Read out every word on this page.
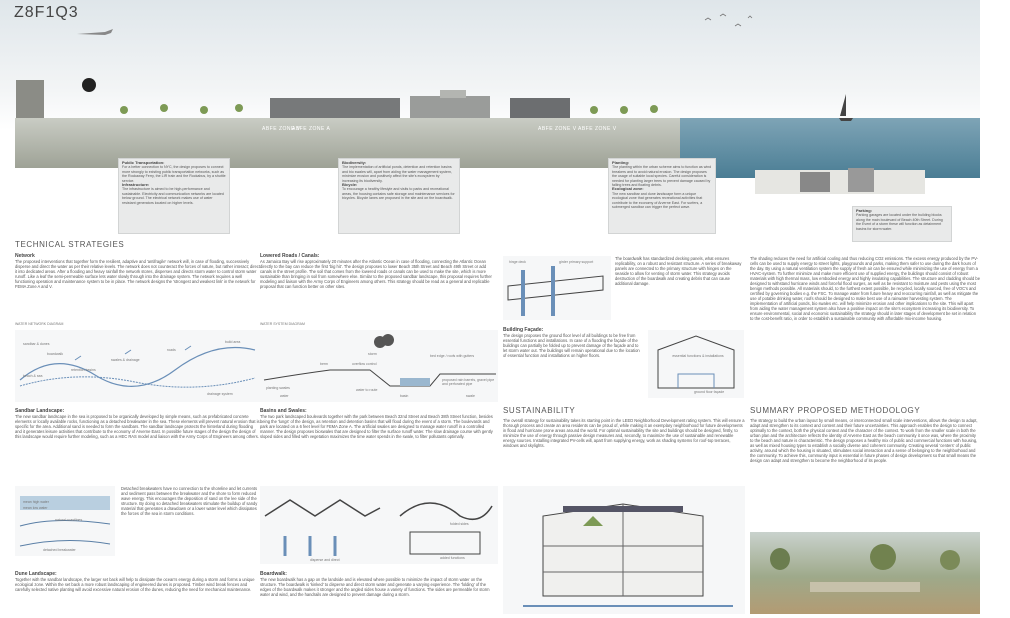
Z8F1Q3
ABFE ZONE V
ABFE ZONE A	ABFE ZONE V ABFE ZONE V
Public Transportation:
For a better connection to NYC, the design proposes to connect more strongly to existing public transportation networks, such as the Rockaway Ferry, the LIR train and the Rockabus, by a shuttle service.
Infrastructure:
The infrastructure is aimed to be high-performance and sustainable. Electricity and communication networks are located below ground. The electrical network makes use of water resistant generators located on higher levels.
Biodiversity:
The implementation of artificial ponds, detention and retention basins and bio swales will, apart from aiding the water management system, minimize erosion and positively affect the site's ecosystem by increasing its biodiversity.
Bicycle:
To encourage a healthy lifestyle and visits to parks and recreational areas, the housing contains safe storage and maintenance services for bicycles. Bicycle lanes are proposed in the site and on the boardwalk.
Planting:
The planting within the urban scheme aims to function as wind breakers and to avoid natural erosion. The design proposes the usage of suitable local species. Careful consideration is needed for planting larger trees to prevent damage caused by falling trees and floating debris.
Ecological zone:
The new sandbar and dune landscape form a unique ecological zone that generates recreational activities that contribute to the economy of Arverne East. For surfers, a submerged sandbar can trigger the perfect wave.
Parking:
Parking garages are located under the building blocks along the main boulevard of Beach 40th Street. During the Event of a storm these will function as detainment basins for storm water.
TECHNICAL STRATEGIES
Network
The proposed interventions that together form the resilient, adaptive and 'antifragile' network will, in case of flooding, successively disperse and direct the water as per their relative levels. The network does not counteract the forces of nature, but rather interact; direct it into dedicated areas. After a flooding and heavy rainfall the network stores, disperses and directs storm water to control storm water runoff. Like a leaf the semi-permeable surface lets water slowly through into the drainage system. The network requires a well functioning operation and maintenance system to be in place. The network designs the 'strongest and weakest link' in the network for FEMA Zone A and V.
WATER NETWORK DIAGRAM
sandbar & dunes
boardwalk
swales & drainage
roads
build area
retention basins
beach & sea
drainage system
Sandbar Landscape:
The new sandbar landscape in the sea is proposed to be organically developed by simple means, such as prefabricated concrete elements or locally available rocks, functioning as a detached breakwater in the sea. These elements will prevent natural erosion that is specific for the area. Additional sand is needed to form the sandbars. The sandbar landscape protects the hinterland during flooding and it generates leisure activities that contribute to the economy of Arverne East. In possible future stages of the design the design of this landscape would require further modeling, such as a HEC RAS model and liaison with the Army Corps of Engineers among others.
natural coastlines
detached breakwater
mean high water
mean low water
Detached breakwaters have no connection to the shoreline and let currents and sediment pass between the breakwater and the shore to form reduced wave energy. This encourages the deposition of sand on the lee side of the structure. By doing so detached breakwaters stimulate the buildup of sandy material that generates a drawdown or a lower water level which dissipates the forces of the sea in storm conditions.
Dune Landscape:
Together with the sandbar landscape, the larger set back will help to dissipate the ocean's energy during a storm and forms a unique ecological zone. Within the set back a more robust landscaping of engineered dunes is proposed. Timber wind break fences and carefully selected native planting will avoid excessive natural erosion of the dunes, reducing the need for mechanical maintenance.
Lowered Roads / Canals:
As Jamaica Bay will rise approximately 20 minutes after the Atlantic Ocean in case of flooding, connecting the Atlantic Ocean directly to the bay can reduce the first 'big hit'. The design proposes to lower Beach 35th Street and Beach 49th Street or add canals in the street profile. The soil that comes from the lowered roads or canals can be used to make the site, which is more sustainable than bringing in soil from somewhere else. Similar to the proposed sandbar landscape, this proposal requires further modeling and liaison with the Army Corps of Engineers among others. This strategy should be read as a general and replicable proposal that can function better on other sites.
WATER SYSTEM DIAGRAM
bed edge / roofs with gutters
overflow control
storm
planting swales	water to route
basin
proposed rain barrels, gravel pipe and perforated pipe
swale
water
berm
Basins and Swales:
The two park landscaped boulevards together with the park between Beach 32nd Street and Beach 38th Street function, besides being the 'lungs' of the design, as retention and detention basins that will flood during the event of a storm. The boulevards and park are located on a 6 feet level for FEMA Zone A. The artificial swales are designed to manage water runoff in a controlled manner. The design proposes bioswales that are designed to filter the surface runoff water. The slow drainage course with gently sloped sides and filled with vegetation maximizes the time water spends in the swale, to filter pollutants optimally.
disperse and direct
folded sides
added functions
Boardwalk:
The new boardwalk has a gap on the landside and is elevated where possible to minimize the impact of storm water on the structure. The boardwalk is 'kinked' to disperse and direct storm water and generate a varying experience. The 'folding' of the edges of the boardwalk makes it stronger and the angled sides house a variety of functions. The sides are permeable for storm water and wind, and the handrails are designed to prevent damage during a storm.
hinge deck	girder primary support
The boardwalk has standardized decking panels, what ensures replicability, on a robust and resistant structure. A series of breakaway panels are connected to the primary structure with hinges on the seaside to allow for venting of storm water. This strategy avoids destruction of the boardwalk and creating debris that can cause additional damage.
Building Façade:
The design proposes the ground floor level of all buildings to be free from essential functions and installations. In case of a flooding the façade of the buildings can partially be folded up to prevent damage of the façade and to let storm water out. The buildings will remain operational due to the location of essential function and installations on higher floors.	essential functions & installations
ground floor façade
SUSTAINABILITY
The overall strategy for sustainability takes its starting point in the LEED Neighborhood Development rating system. This will ensure a thorough process and create an area residents can be proud of, while making it an exemplary neighborhood for future developments in flood and hurricane prone areas around the world. For optimal sustainability the site and buildings should be designed, firstly, to minimize the use of energy through passive design measures and, secondly, to maximize the use of sustainable and renewable energy sources. Installing integrated PV-cells will, apart from supplying energy, work as shading systems for roof-top terraces, windows and skylights.
The shading reduces the need for artificial cooling and thus reducing CO2 emissions. The excess energy produced by the PV-cells can be used to supply energy to street lights, playgrounds and parks, making them safer to use during the dark hours of the day. By using a natural ventilation system the supply of fresh air can be ensured while minimizing the use of energy from a HVAC-system. To further minimize and make more efficient use of supplied energy, the buildings should consist of robust materials with high thermal mass, low embodied energy and highly insulating capabilities. The structure and cladding should be designed to withstand hurricane winds and forceful flood surges, as well as be resistant to moisture and pests using the most benign methods possible. All materials should, to the furthest extent possible, be recycled, locally sourced, free of VOC's and certified by governing bodies e.g. the FSC. To manage water from future heavy and reoccurring rainfall, as well as mitigate the use of potable drinking water, roofs should be designed to make best use of a rainwater harvesting system. The implementation of artificial ponds, bio swales etc. will help minimize erosion and other implications to the site. This will apart from aiding the water management system also have a positive impact on the site's ecosystem increasing its biodiversity. To ensure environmental, social and economic sustainability the strategy should in later stages of development be set in relation to the cost-benefit ratio, in order to establish a sustainable community with affordable mix-income housing.
SUMMARY PROPOSED METHODOLOGY
The strategy to build the urban layout by small means, or interconnected small scale interventions, allows the design to adapt, adapt and strengthen to its context and content and their future uncertainties. This approach enables the design to connect optimally to the context, both the physical context and the character of the context. To work from the smaller scale in both the urban plan and the architecture reflects the identity of Arverne East as the beach community it once was, where the proximity to the beach and nature is characteristic. The design proposes a healthy mix of public and commercial functions with housing, as well as mixed housing types to establish a socially diverse and coherent community. Creating several 'centers' of public activity, around which the housing is situated, stimulates social interaction and a sense of belonging to the neighborhood and the community. To achieve this, community input is essential in future phases of design development so that small means the design can adapt and strengthen to become the neighborhood of its people.
